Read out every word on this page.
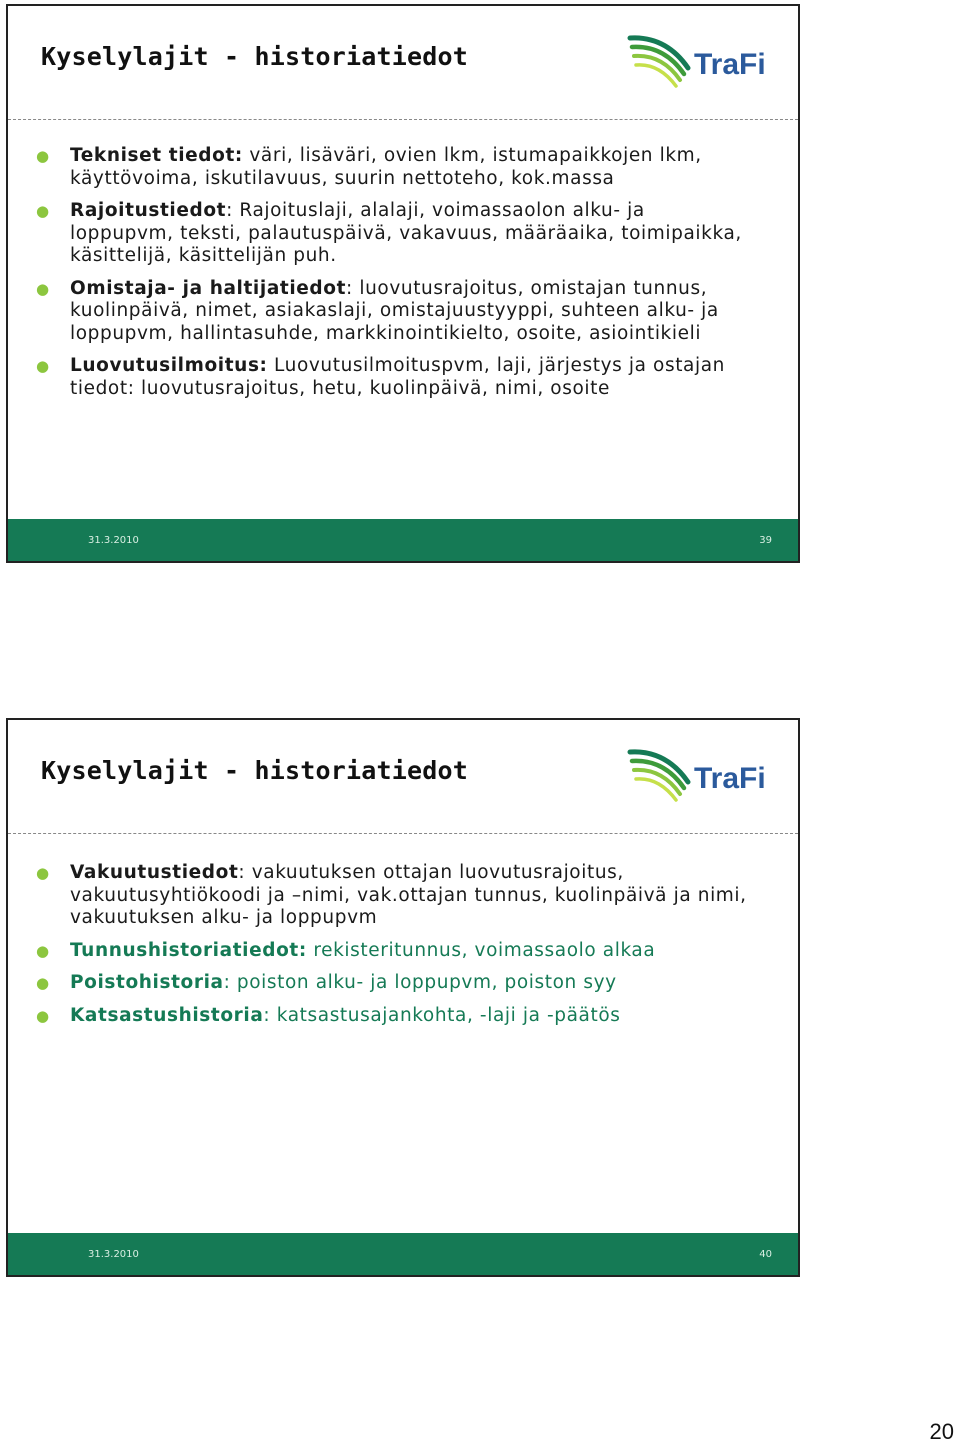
Kyselylajit - historiatiedot	TraFi
● Tekniset tiedot: väri, lisäväri, ovien lkm, istumapaikkojen lkm, käyttövoima, iskutilavuus, suurin nettoteho, kok.massa
● Rajoitustiedot: Rajoituslaji, alalaji, voimassaolon alku- ja loppupvm, teksti, palautuspäivä, vakavuus, määräaika, toimipaikka, käsittelijä, käsittelijän puh.
● Omistaja- ja haltijatiedot: luovutusrajoitus, omistajan tunnus, kuolinpäivä, nimet, asiakaslaji, omistajuustyyppi, suhteen alku- ja loppupvm, hallintasuhde, markkinointikielto, osoite, asiointikieli
● Luovutusilmoitus: Luovutusilmoituspvm, laji, järjestys ja ostajan tiedot: luovutusrajoitus, hetu, kuolinpäivä, nimi, osoite
31.3.2010	39
Kyselylajit - historiatiedot	TraFi
● Vakuutustiedot: vakuutuksen ottajan luovutusrajoitus, vakuutusyhtiökoodi ja –nimi, vak.ottajan tunnus, kuolinpäivä ja nimi, vakuutuksen alku- ja loppupvm
● Tunnushistoriatiedot: rekisteritunnus, voimassaolo alkaa
● Poistohistoria: poiston alku- ja loppupvm, poiston syy
● Katsastushistoria: katsastusajankohta, -laji ja -päätös
31.3.2010	40
20
